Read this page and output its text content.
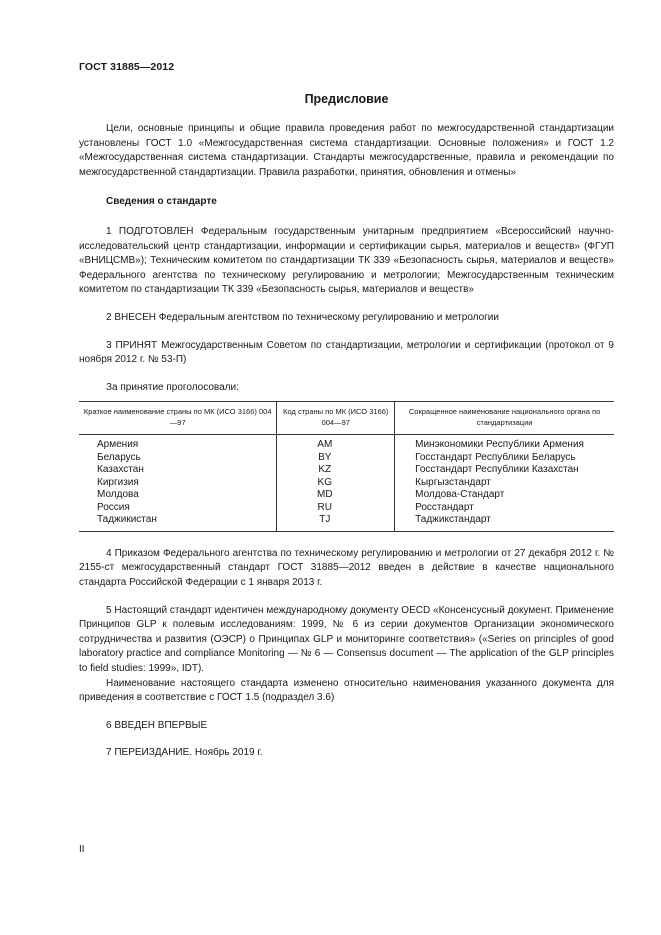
ГОСТ 31885—2012
Предисловие

Цели, основные принципы и общие правила проведения работ по межгосударственной стандартизации установлены ГОСТ 1.0 «Межгосударственная система стандартизации. Основные положения» и ГОСТ 1.2 «Межгосударственная система стандартизации. Стандарты межгосударственные, правила и рекомендации по межгосударственной стандартизации. Правила разработки, принятия, обновления и отмены»

Сведения о стандарте

1 ПОДГОТОВЛЕН Федеральным государственным унитарным предприятием «Всероссийский научно-исследовательский центр стандартизации, информации и сертификации сырья, материалов и веществ» (ФГУП «ВНИЦСМВ»); Техническим комитетом по стандартизации ТК 339 «Безопасность сырья, материалов и веществ» Федерального агентства по техническому регулированию и метрологии; Межгосударственным техническим комитетом по стандартизации ТК 339 «Безопасность сырья, материалов и веществ»

2 ВНЕСЕН Федеральным агентством по техническому регулированию и метрологии

3 ПРИНЯТ Межгосударственным Советом по стандартизации, метрологии и сертификации (протокол от 9 ноября 2012 г. № 53-П)

За принятие проголосовали:

Краткое наименование страны по МК (ИСО 3166) 004—97	Код страны по МК (ИСО 3166) 004—97	Сокращенное наименование национального органа по стандартизации
Армения	AM	Минэкономики Республики Армения
Беларусь	BY	Госстандарт Республики Беларусь
Казахстан	KZ	Госстандарт Республики Казахстан
Киргизия	KG	Кыргызстандарт
Молдова	MD	Молдова-Стандарт
Россия	RU	Росстандарт
Таджикистан	TJ	Таджикстандарт

4 Приказом Федерального агентства по техническому регулированию и метрологии от 27 декабря 2012 г. № 2155-ст межгосударственный стандарт ГОСТ 31885—2012 введен в действие в качестве национального стандарта Российской Федерации с 1 января 2013 г.

5 Настоящий стандарт идентичен международному документу OECD «Консенсусный документ. Применение Принципов GLP к полевым исследованиям: 1999, № 6 из серии документов Организации экономического сотрудничества и развития (ОЭСР) о Принципах GLP и мониторинге соответствия» («Series on principles of good laboratory practice and compliance Monitoring — № 6 — Consensus document — The application of the GLP principles to field studies: 1999», IDT).

Наименование настоящего стандарта изменено относительно наименования указанного документа для приведения в соответствие с ГОСТ 1.5 (подраздел 3.6)

6 ВВЕДЕН ВПЕРВЫЕ

7 ПЕРЕИЗДАНИЕ. Ноябрь 2019 г.

II
